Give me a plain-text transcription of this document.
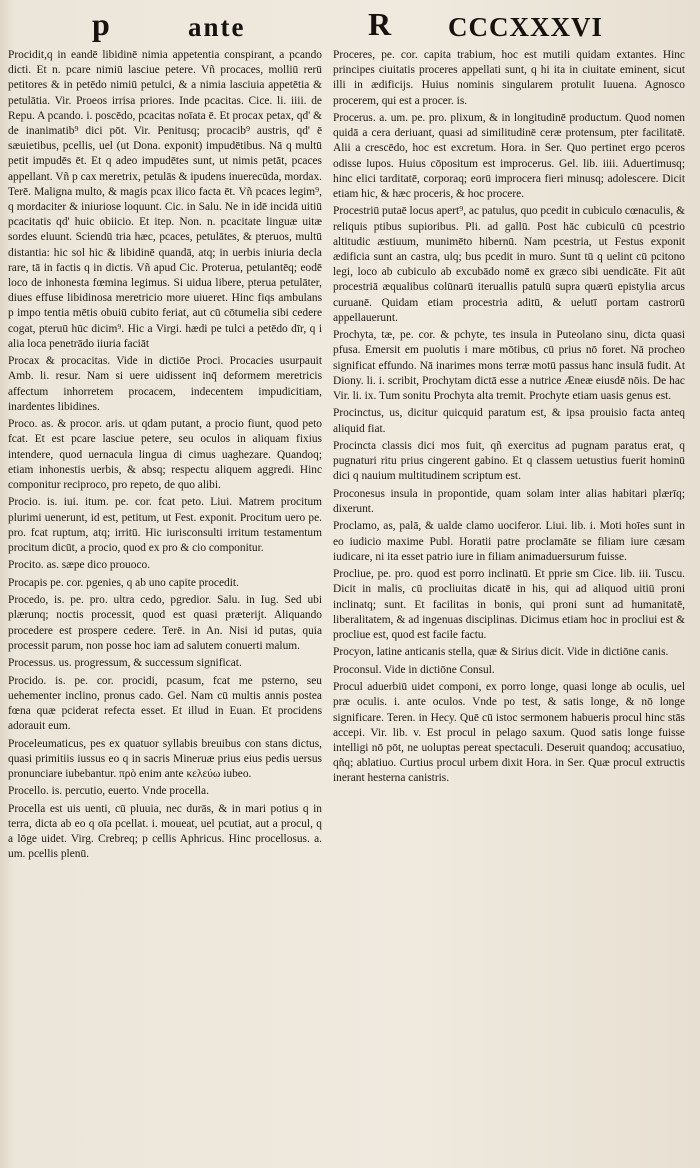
p	ante	R CCCXXXVI

Procidit,q in eandē libidinē nimia appetentia conspirant, a pcando dicti. Et n. pcare nimiū lasciue petere. Vñ procaces, molliū rerū petitores & in petēdo nimiū petulci, & a nimia lasciuia appetētia & petulātia. Vir. Proeos irrisa priores. Inde pcacitas. Cice. li. iiii. de Repu. A pcando. i. poscēdo, pcacitas noīata ē. Et procax petax, qd' & de inanimatib⁹ dici pōt. Vir. Penitusq; procacib⁹ austris, qd' ē sæuietibus, pcellis, uel (ut Dona. exponit) impudētibus. Nā q multū petit impudēs ēt. Et q adeo impudētes sunt, ut nimis petāt, pcaces appellant. Vñ p cax meretrix, petulās & ipudens inuerecūda, mordax. Terē. Maligna multo, & magis pcax ilico facta ēt. Vñ pcaces legim⁹, q mordaciter & iniuriose loquunt. Cic. in Salu. Ne in idē incidā uitiū pcacitatis qd' huic obiicio. Et itep. Non. n. pcacitate linguæ uitæ sordes eluunt. Sciendū tria hæc, pcaces, petulātes, & pteruos, multū distantia: hic sol hic & libidinē quandā, atq; in uerbis iniuria decla rare, tā in factis q in dictis. Vñ apud Cic. Proterua, petulantēq; eodē loco de inhonesta fœmina legimus. Si uidua libere, pterua petulāter, diues effuse libidinosa meretricio more uiueret. Hinc fiqs ambulans p impo tentia mētis obuiū cubito feriat, aut cū cōtumelia sibi cedere cogat, pteruū hūc dicim⁹. Hic a Virgi. hædi pe tulci a petēdo dīr, q i alia loca penetrādo iiuria faciāt

Procax & procacitas. Vide in dictiōe Proci. Procacies usurpauit Amb. li. resur. Nam si uere uidissent inq̄ deformem meretricis affectum inhorretem procacem, indecentem impudicitiam, inardentes libidines.

Proco. as. & procor. aris. ut qdam putant, a procio fiunt, quod peto fcat. Et est pcare lasciue petere, seu oculos in aliquam fixius intendere, quod uernacula lingua di cimus uaghezare. Quandoq; etiam inhonestis uerbis, & absq; respectu aliquem aggredi. Hinc componitur reciproco, pro repeto, de quo alibi.

Procio. is. iui. itum. pe. cor. fcat peto. Liui. Matrem procitum plurimi uenerunt, id est, petitum, ut Fest. exponit. Procitum uero pe. pro. fcat ruptum, atq; irritū. Hic iurisconsulti irritum testamentum procitum dicūt, a procio, quod ex pro & cio componitur.

Procito. as. sæpe dico prouoco.

Procapis pe. cor. pgenies, q ab uno capite procedit.

Procedo, is. pe. pro. ultra cedo, pgredior. Salu. in Iug. Sed ubi plærunq; noctis processit, quod est quasi præterijt. Aliquando procedere est prospere cedere. Terē. in An. Nisi id putas, quia processit parum, non posse hoc iam ad salutem conuerti malum.

Processus. us. progressum, & successum significat.

Procido. is. pe. cor. procidi, pcasum, fcat me psterno, seu uehementer inclino, pronus cado. Gel. Nam cū multis annis postea fœna quæ pciderat refecta esset. Et illud in Euan. Et procidens adorauit eum.

Proceleumaticus, pes ex quatuor syllabis breuibus con stans dictus, quasi primitiis iussus eo q in sacris Mineruæ prius eius pedis uersus pronunciare iubebantur. πρὸ enim ante κελεύω iubeo.

Procello. is. percutio, euerto. Vnde procella.

Procella est uis uenti, cū pluuia, nec durās, & in mari potius q in terra, dicta ab eo q oīa pcellat. i. moueat, uel pcutiat, aut a procul, q a lōge uidet. Virg. Crebreq; p cellis Aphricus. Hinc procellosus. a. um. pcellis plenū.

Proceres, pe. cor. capita trabium, hoc est mutili quidam extantes. Hinc principes ciuitatis proceres appellati sunt, q hi ita in ciuitate eminent, sicut illi in ædificijs. Huius nominis singularem protulit Iuuena. Agnosco procerem, qui est a procer. is.

Procerus. a. um. pe. pro. plixum, & in longitudinē productum. Quod nomen quidā a cera deriuant, quasi ad similitudinē ceræ protensum, pter facilitatē. Alii a crescēdo, hoc est excretum. Hora. in Ser. Quo pertinet ergo pceros odisse lupos. Huius cōpositum est improcerus. Gel. lib. iiii. Aduertimusq; hinc elici tarditatē, corporaq; eorū improcera fieri minusq; adolescere. Dicit etiam hic, & hæc proceris, & hoc procere.

Procestriū putaē locus apert⁹, ac patulus, quo pcedit in cubiculo cœnaculis, & reliquis ptibus supioribus. Pli. ad gallū. Post hāc cubiculū cū pcestrio altitudic æstiuum, munimēto hibernū. Nam pcestria, ut Festus exponit ædificia sunt an castra, ulq; bus pcedit in muro. Sunt tū q uelint cū pcitono legi, loco ab cubiculo ab excubādo nomē ex græco sibi uendicāte. Fit aūt procestriā æqualibus colūnarū iteruallis patulū supra quærū epistylia arcus curuanē. Quidam etiam procestria aditū, & uelutī portam castrorū appellauerunt.

Prochyta, tæ, pe. cor. & pchyte, tes insula in Puteolano sinu, dicta quasi pfusa. Emersit em puolutis i mare mōtibus, cū prius nō foret. Nā procheo significat effundo. Nā inarimes mons terræ motū passus hanc insulā fudit. At Diony. li. i. scribit, Prochytam dictā esse a nutrice Æneæ eiusdē nōis. De hac Vir. li. ix. Tum sonitu Prochyta alta tremit. Prochyte etiam uasis genus est.

Procinctus, us, dicitur quicquid paratum est, & ipsa prouisio facta anteq aliquid fiat.

Procincta classis dici mos fuit, qñ exercitus ad pugnam paratus erat, q pugnaturi ritu prius cingerent gabino. Et q classem uetustius fuerit hominū dici q nauium multitudinem scriptum est.

Proconesus insula in propontide, quam solam inter alias habitari plærīq; dixerunt.

Proclamo, as, palā, & ualde clamo uociferor. Liui. lib. i. Moti hoīes sunt in eo iudicio maxime Publ. Horatii patre proclamāte se filiam iure cæsam iudicare, ni ita esset patrio iure in filiam animaduersurum fuisse.

Procliue, pe. pro. quod est porro inclinatū. Et pprie sm Cice. lib. iii. Tuscu. Dicit in malis, cū procliuitas dicatē in his, qui ad aliquod uitiū proni inclinatq; sunt. Et facilitas in bonis, qui proni sunt ad humanitatē, liberalitatem, & ad ingenuas disciplinas. Dicimus etiam hoc in procliui est & procliue est, quod est facile factu.

Procyon, latine anticanis stella, quæ & Sirius dicit. Vide in dictiōne canis.

Proconsul. Vide in dictiōne Consul.

Procul aduerbiū uidet componi, ex porro longe, quasi longe ab oculis, uel præ oculis. i. ante oculos. Vnde po test, & satis longe, & nō longe significare. Teren. in Hecy. Quē cū istoc sermonem habueris procul hinc stās accepi. Vir. lib. v. Est procul in pelago saxum. Quod satis longe fuisse intelligi nō pōt, ne uoluptas pereat spectaculi. Deseruit quandoq; accusatiuo, qñq; ablatiuo. Curtius procul urbem dixit Hora. in Ser. Quæ procul extructis inerant hesterna canistris.
